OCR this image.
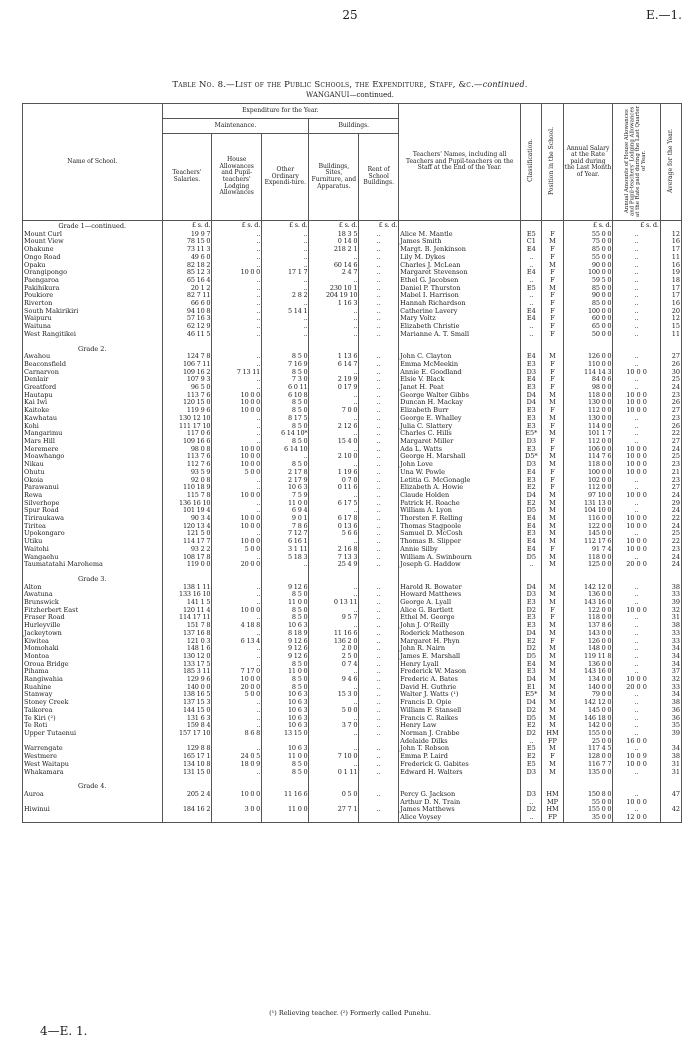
25	E.—1.
Table No. 8.—List of the Public Schools, the Expenditure, Staff, &c.—continued.
WANGANUI—continued.
Name of School.	Expenditure for the Year.					Teachers' Names, including all Teachers and Pupil-teachers on the Staff at the End of the Year.	Classification.	Position in the School.	Annual Salary at the Rate paid during the Last Month of Year.	Annual Amounts of House Allowances and Pupil-teachers' Lodging Allowances at the Rate paid during the Last Quarter of Year.	Average for the Year.
	Maintenance.			Buildings.							
	Teachers' Salaries.	House Allowances and Pupil-teachers' Lodging Allowances	Other Ordinary Expendi-ture.	Buildings, Sites, Furniture, and Apparatus.	Rent of School Buildings.						
Grade 1—continued.	£ s. d.	£ s. d.	£ s. d.	£ s. d.	£ s. d.				£ s. d.	£ s. d.	
Mount Curl	19 9 7	..	..	18 3 5	..	Alice M. Mantle	E5	F	55 0 0	..	12
Mount View	78 15 0	..	..	0 14 0	..	James Smith	C1	M	75 0 0	..	16
Ohakune	73 11 3	..	..	218 2 1	..	Margt. B. Jenkinson	E4	F	85 0 0	..	17
Ongo Road	49 6 0	..	..	..	..	Lily M. Dykes	..	F	55 0 0	..	11
Opaku	82 18 2	..	..	60 14 6	..	Charles J. McLean	..	M	90 0 0	..	16
Orangipongo	85 12 3	10 0 0	17 1 7	2 4 7	..	Margaret Stevenson	E4	F	100 0 0	..	19
Paengaroa	65 16 4	..	..	..	..	Ethel G. Jacobsen	..	F	59 5 0	..	18
Pakihikura	20 1 2	..	..	230 10 1	..	Daniel P. Thurston	E5	M	85 0 0	..	17
Poukiore	82 7 11	..	2 8 2	204 19 10	..	Mabel I. Harrison	..	F	90 0 0	..	17
Riverton	66 6 0	..	..	1 16 3	..	Hannah Richardson	..	F	85 0 0	..	16
South Makirikiri	94 10 8	..	5 14 1	..	..	Catherine Lavery	E4	F	100 0 0	..	20
Waipuru	57 16 3	..	..	..	..	Mary Voltz	E4	F	60 0 0	..	12
Waituna	62 12 9	..	..	..	..	Elizabeth Christie	..	F	65 0 0	..	15
West Rangitikei	46 11 5	..	..	..	..	Marianne A. T. Small	..	F	50 0 0	..	11

Grade 2.											
Awahou	124 7 8	..	8 5 0	1 13 6	..	John C. Clayton	E4	M	126 0 0	..	27
Beaconsfield	106 7 11	..	7 16 9	6 14 7	..	Emma McMeekin	E3	F	110 0 0	..	26
Carnarvon	109 16 2	7 13 11	8 5 0	..	..	Annie E. Goodland	D3	F	114 14 3	10 0 0	30
Denlair	107 9 3	..	7 3 0	2 19 9	..	Elsie V. Black	E4	F	84 0 6	..	25
Greatford	96 5 0	..	6 0 11	0 17 9	..	Janet H. Peat	E3	F	98 0 0	..	24
Hautapu	113 7 6	10 0 0	6 10 8	..	..	George Walter Gibbs	D4	M	118 0 0	10 0 0	23
Kai Iwi	120 15 0	10 0 0	8 5 0	..	..	Duncan H. Mackay	D4	M	130 0 0	10 0 0	26
Kaitoke	119 9 6	10 0 0	8 5 0	7 0 0	..	Elizabeth Burr	E3	F	112 0 0	10 0 0	27
Kawhatau	130 12 10	..	8 17 5	..	..	George E. Whalley	E3	M	130 0 0	..	23
Kohi	111 17 10	..	8 5 0	2 12 6	..	Julia C. Slattery	E3	F	114 0 0	..	26
Mangarimu	117 0 6	..	6 14 10*	..	..	Charles C. Hills	E5*	M	101 1 7	..	22
Mars Hill	109 16 6	..	8 5 0	15 4 0	..	Margaret Miller	D3	F	112 0 0	..	27
Meremere	98 0 8	10 0 0	6 14 10	..	..	Ada L. Watts	E3	F	106 0 0	10 0 0	24
Moawhango	113 7 6	10 0 0	..	2 10 0	..	George H. Marshall	D5*	M	114 7 6	10 0 0	25
Nikau	112 7 6	10 0 0	8 5 0	..	..	John Love	D3	M	118 0 0	10 0 0	23
Ohutu	93 5 9	5 0 0	2 17 8	1 19 6	..	Una W. Powle	E4	F	100 0 0	10 0 0	21
Okoia	92 0 8	..	2 17 9	0 7 0	..	Letitia G. McGonagle	E3	F	102 0 0	..	23
Parawanui	110 18 9	..	10 6 3	0 11 6	..	Elizabeth A. Howie	E2	F	112 0 0	..	27
Rewa	115 7 8	10 0 0	7 5 9	..	..	Claude Holden	D4	M	97 10 0	10 0 0	24
Silverhope	136 16 10	..	11 0 0	6 17 5	..	Patrick H. Roache	E2	M	131 13 0	..	29
Spur Road	101 19 4	..	6 9 4	..	..	William A. Lyon	D5	M	104 10 0	..	24
Tiriraukawa	90 3 4	10 0 0	9 0 1	6 17 8	..	Thorsten F. Relling	E4	M	116 0 0	10 0 0	22
Tiritea	120 13 4	10 0 0	7 8 6	0 13 6	..	Thomas Stagpoole	E4	M	122 0 0	10 0 0	24
Upokongaro	121 5 0	..	7 12 7	5 6 6	..	Samuel D. McCosh	E3	M	145 0 0	..	25
Utiku	114 17 7	10 0 0	6 16 1	..	..	Thomas B. Slipper	E4	M	112 17 6	10 0 0	22
Waitohi	93 2 2	5 0 0	3 1 11	2 16 8	..	Annie Silby	E4	F	91 7 4	10 0 0	23
Wangaehu	108 17 8	..	5 18 3	7 13 3	..	William A. Swinbourn	D5	M	118 0 0	..	24
Taumatatahi Marohema	119 0 0	20 0 0	..	25 4 9	..	Joseph G. Haddow	..	M	125 0 0	20 0 0	24

Grade 3.											
Alton	138 1 11	..	9 12 6	..	..	Harold R. Bowater	D4	M	142 12 0	..	38
Awatuna	133 16 10	..	8 5 0	..	..	Howard Matthews	D3	M	136 0 0	..	33
Brunswick	141 1 5	..	11 0 0	0 13 11	..	George A. Lyall	E3	M	143 16 0	..	39
Fitzherbert East	120 11 4	10 0 0	8 5 0	..	..	Alice G. Bartlett	D2	F	122 0 0	10 0 0	32
Fraser Road	114 17 11	..	8 5 0	9 5 7	..	Ethel M. George	E3	F	118 0 0	..	31
Hurleyville	151 7 8	4 18 8	10 6 3	..	..	John J. O'Reilly	E3	M	137 8 6	..	38
Jackeytown	137 16 8	..	8 18 9	11 16 6	..	Roderick Matheson	D4	M	143 0 0	..	33
Kiwitea	121 0 3	6 13 4	9 12 6	136 2 0	..	Margaret H. Phyn	E2	F	126 0 0	..	33
Momohaki	148 1 6	..	9 12 6	2 0 0	..	John R. Nairn	D2	M	148 0 0	..	34
Montoa	130 12 0	..	9 12 6	2 5 0	..	James E. Marshall	D5	M	119 11 8	..	34
Oroua Bridge	133 17 5	..	8 5 0	0 7 4	..	Henry Lyall	E4	M	136 0 0	..	34
Pihama	185 3 11	7 17 0	11 0 0	..	..	Frederick W. Mason	E3	M	143 16 0	..	37
Rangiwahia	129 9 6	10 0 0	8 5 0	9 4 6	..	Frederic A. Bates	D4	M	134 0 0	10 0 0	32
Ruahine	140 0 0	20 0 0	8 5 0	..	..	David H. Guthrie	E1	M	140 0 0	20 0 0	33
Stanway	138 16 5	5 0 0	10 6 3	15 3 0	..	Walter J. Watts (¹)	E5*	M	79 0 0	..	34
Stoney Creek	137 15 3	..	10 6 3	..	..	Francis D. Opie	D4	M	142 12 0	..	38
Taikorea	144 15 0	..	10 6 3	5 0 0	..	William F. Stansell	D2	M	145 0 0	..	36
Te Kiri (²)	131 6 3	..	10 6 3	..	..	Francis C. Raikes	D5	M	146 18 0	..	36
Te Roti	159 8 4	..	10 6 3	3 7 0	..	Henry Law	E2	M	142 0 0	..	35
Upper Tutaenui	157 17 10	8 6 8	13 15 0	..	..	Norman J. Crabbe	D2	HM	155 0 0	..	39
						Adelaide Dilks	..	FP	25 0 0	16 0 0	
Warrengate	129 8 8	..	10 6 3	..	..	John T. Robson	E5	M	117 4 5	..	34
Westmere	165 17 1	24 0 5	11 0 0	7 10 0	..	Emma P. Laird	E2	F	128 0 0	10 0 9	38
West Waitapu	134 10 8	18 0 9	8 5 0	..	..	Frederick G. Gabites	E5	M	116 7 7	10 0 0	31
Whakamara	131 15 0	..	8 5 0	0 1 11	..	Edward H. Walters	D3	M	135 0 0	..	31

Grade 4.											
Auroa	205 2 4	10 0 0	11 16 6	0 5 0	..	Percy G. Jackson	D3	HM	150 8 0	..	47
						Arthur D. N. Train	..	MP	55 0 0	10 0 0	
Hiwinui	184 16 2	3 0 0	11 0 0	27 7 1	..	James Matthews	D2	HM	155 0 0	..	42
						Alice Voysey	..	FP	35 0 0	12 0 0	
(¹) Relieving teacher. (²) Formerly called Punehu.
4—E. 1.
